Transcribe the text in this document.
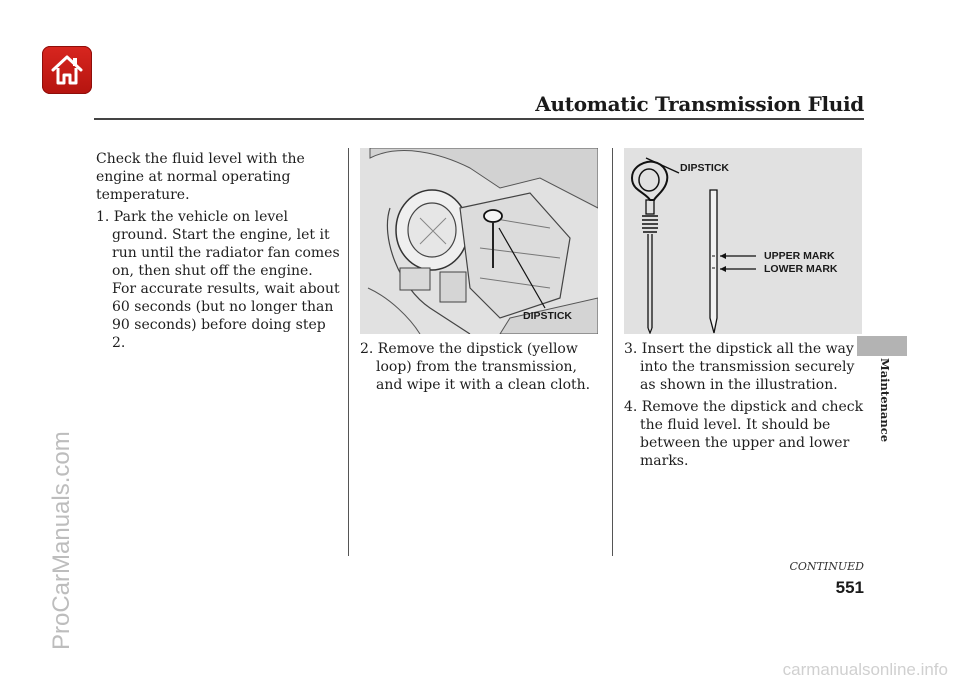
Automatic Transmission Fluid

Check the fluid level with the engine at normal operating temperature.

1. Park the vehicle on level ground. Start the engine, let it run until the radiator fan comes on, then shut off the engine. For accurate results, wait about 60 seconds (but no longer than 90 seconds) before doing step 2.

DIPSTICK

2. Remove the dipstick (yellow loop) from the transmission, and wipe it with a clean cloth.

DIPSTICK
UPPER MARK
LOWER MARK

3. Insert the dipstick all the way into the transmission securely as shown in the illustration.

4. Remove the dipstick and check the fluid level. It should be between the upper and lower marks.

Maintenance
CONTINUED
551
ProCarManuals.com
carmanualsonline.info
